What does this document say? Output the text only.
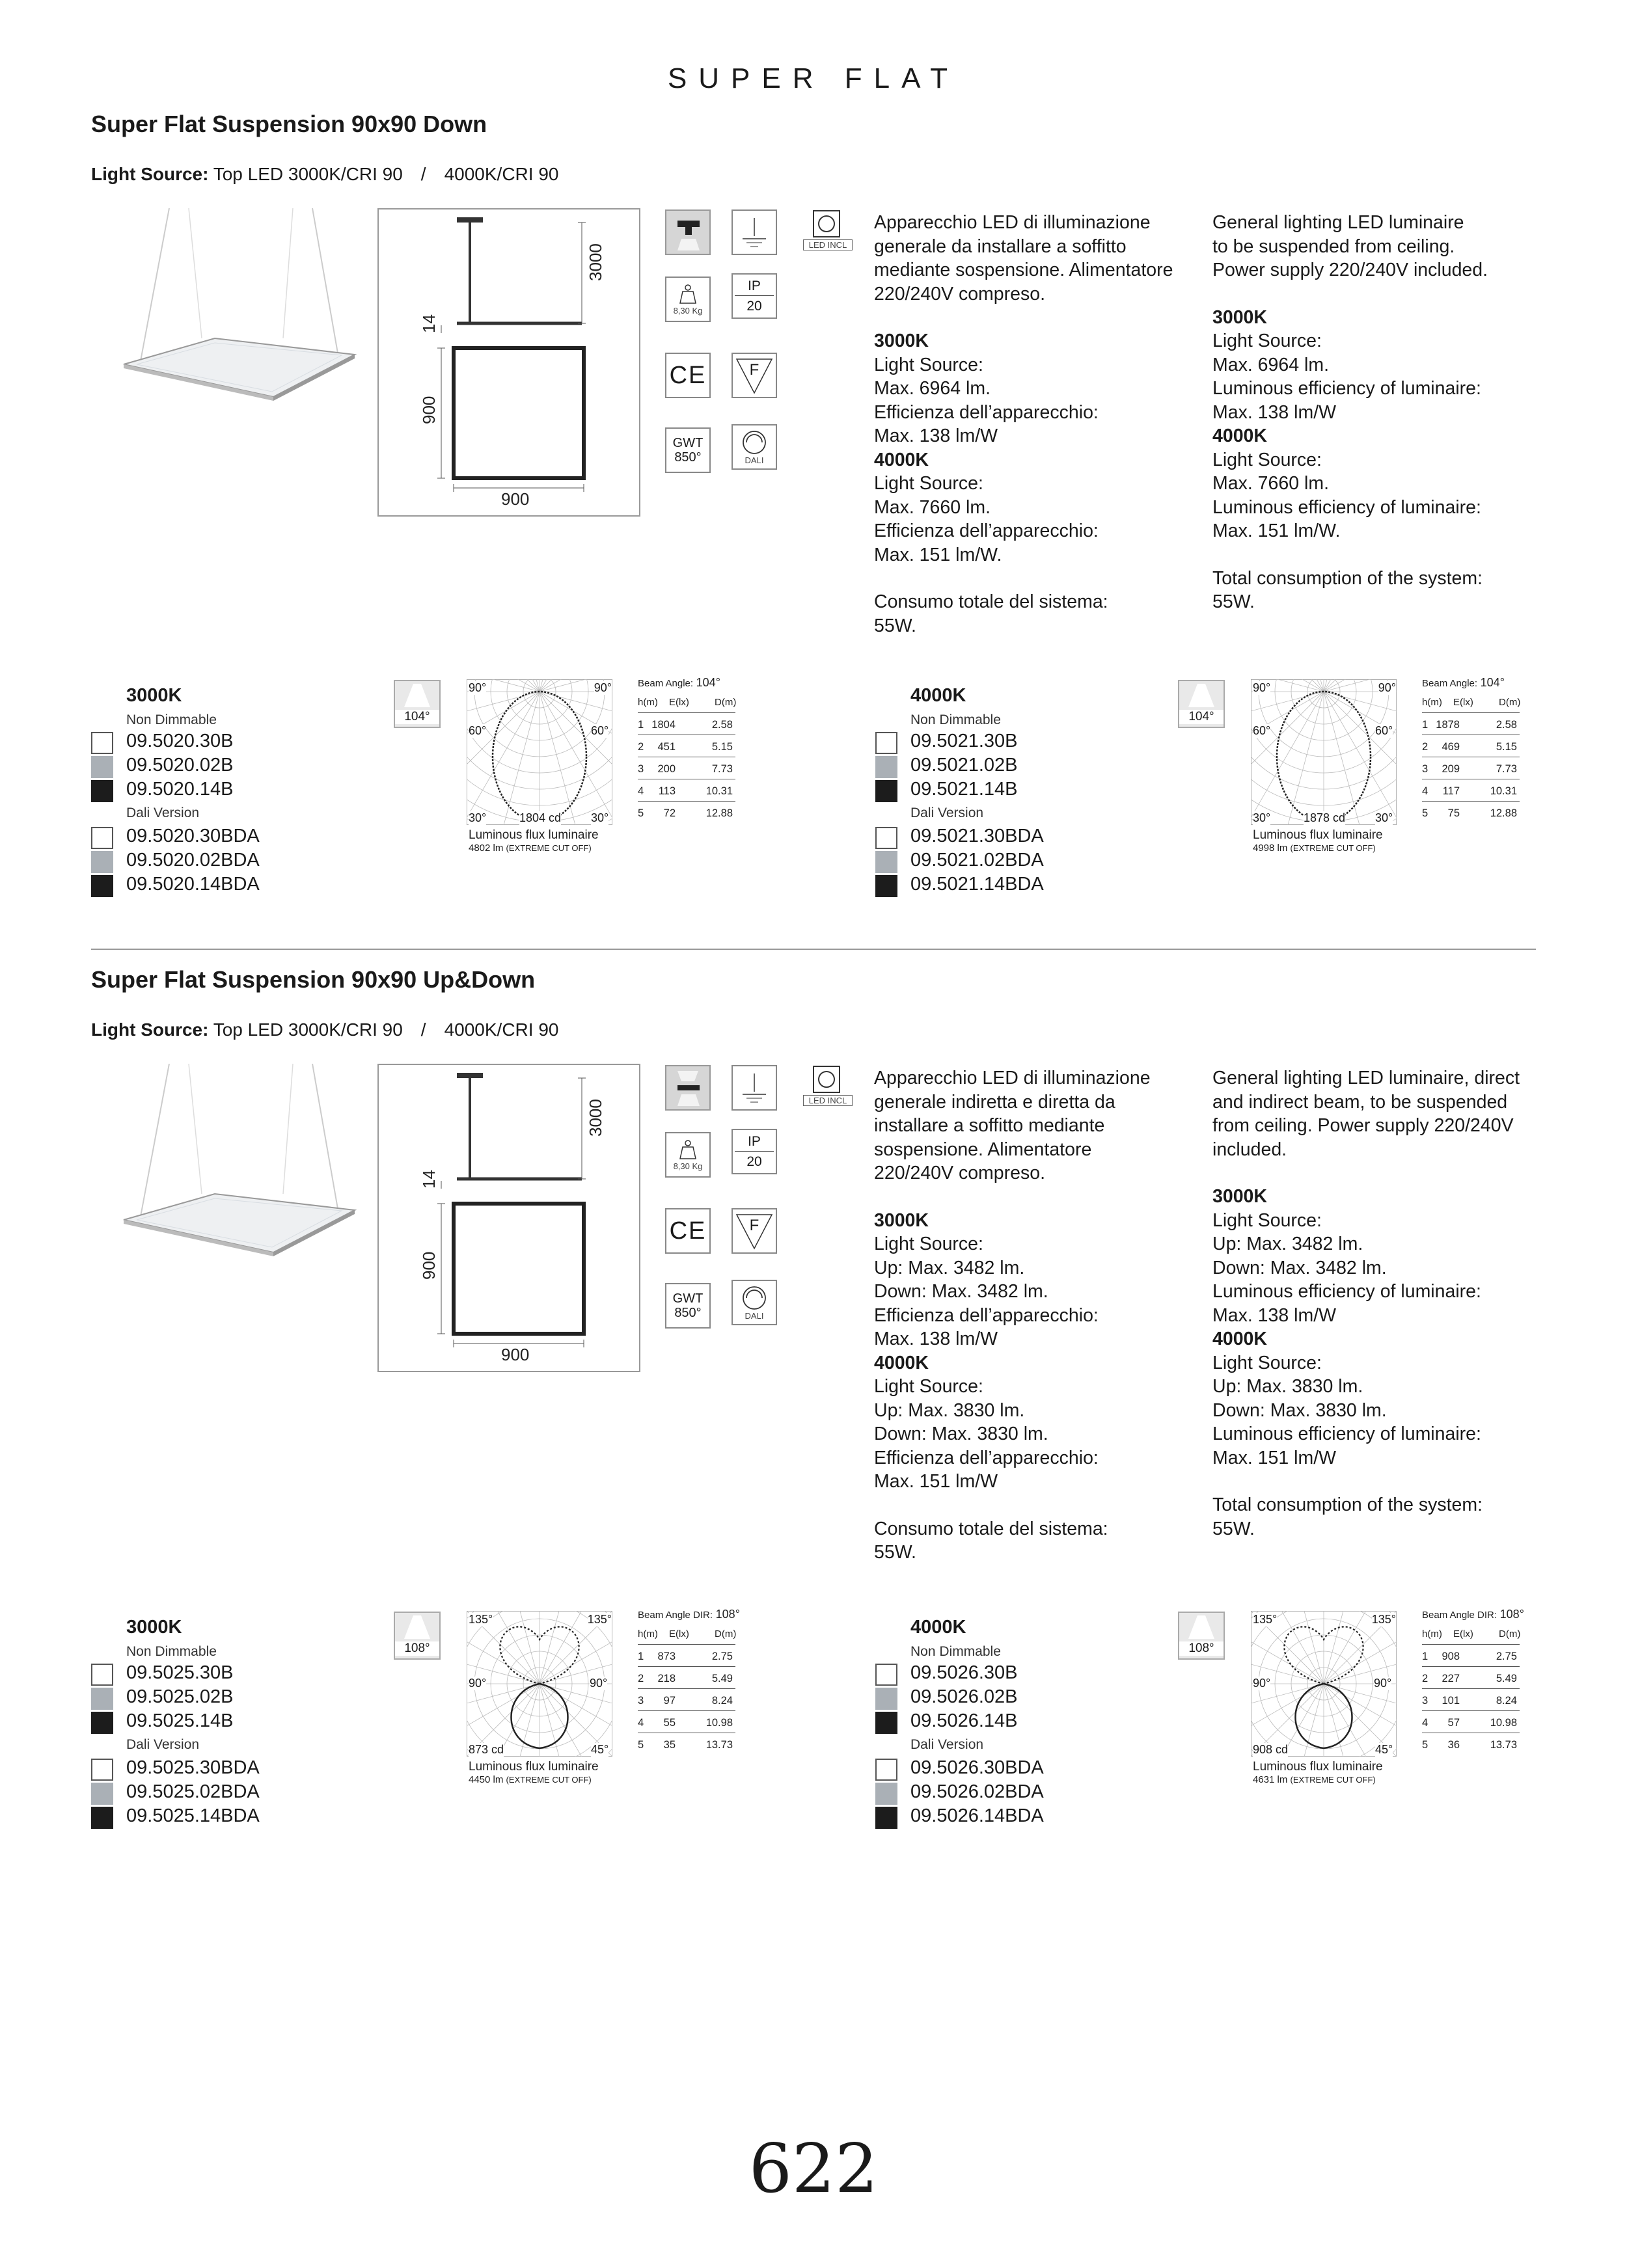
SUPER FLAT
Super Flat Suspension 90x90 Down
Light Source: Top LED 3000K/CRI 90 / 4000K/CRI 90
3000
14
900
900
LED INCL
8,30 Kg
IP
20
CE	F
GWT
850°	DALI

Apparecchio LED di illuminazione

generale da installare a soffitto

mediante sospensione. Alimentatore

220/240V compreso.

3000K

Light Source:

Max. 6964 lm.

Efficienza dell’apparecchio:

Max. 138 lm/W

4000K

Light Source:

Max. 7660 lm.

Efficienza dell’apparecchio:

Max. 151 lm/W.

Consumo totale del sistema:

55W.

General lighting LED luminaire

to be suspended from ceiling.

Power supply 220/240V included.

3000K

Light Source:

Max. 6964 lm.

Luminous efficiency of luminaire:

Max. 138 lm/W

4000K

Light Source:

Max. 7660 lm.

Luminous efficiency of luminaire:

Max. 151 lm/W.

Total consumption of the system:

55W.

3000K
Non Dimmable
09.5020.30B
09.5020.02B
09.5020.14B
Dali Version
09.5020.30BDA
09.5020.02BDA
09.5020.14BDA
104°
90°	90°
60°	60°
30°	1804 cd	30°
Luminous flux luminaire
4802 lm (EXTREME CUT OFF)
Beam Angle: 104°
h(m) E(lx)	D(m)
1 1804	2.58
2 451	5.15
3 200	7.73
4 113	10.31
5 72	12.88
4000K
Non Dimmable
09.5021.30B
09.5021.02B
09.5021.14B
Dali Version
09.5021.30BDA
09.5021.02BDA
09.5021.14BDA
104°
90°	90°
60°	60°
30°	1878 cd	30°
Luminous flux luminaire
4998 lm (EXTREME CUT OFF)
Beam Angle: 104°
h(m) E(lx)	D(m)
1 1878	2.58
2 469	5.15
3 209	7.73
4 117	10.31
5 75	12.88
Super Flat Suspension 90x90 Up&Down
Light Source: Top LED 3000K/CRI 90 / 4000K/CRI 90
3000
14
900
900
LED INCL
8,30 Kg
IP
20
CE	F
GWT
850°	DALI

Apparecchio LED di illuminazione

generale indiretta e diretta da

installare a soffitto mediante

sospensione. Alimentatore

220/240V compreso.

3000K

Light Source:

Up: Max. 3482 lm.

Down: Max. 3482 lm.

Efficienza dell’apparecchio:

Max. 138 lm/W

4000K

Light Source:

Up: Max. 3830 lm.

Down: Max. 3830 lm.

Efficienza dell’apparecchio:

Max. 151 lm/W

Consumo totale del sistema:

55W.

General lighting LED luminaire, direct

and indirect beam, to be suspended

from ceiling. Power supply 220/240V

included.

3000K

Light Source:

Up: Max. 3482 lm.

Down: Max. 3482 lm.

Luminous efficiency of luminaire:

Max. 138 lm/W

4000K

Light Source:

Up: Max. 3830 lm.

Down: Max. 3830 lm.

Luminous efficiency of luminaire:

Max. 151 lm/W

Total consumption of the system:

55W.

3000K
Non Dimmable
09.5025.30B
09.5025.02B
09.5025.14B
Dali Version
09.5025.30BDA
09.5025.02BDA
09.5025.14BDA
108°
135°	135°
90°	90°
873 cd	45°
Luminous flux luminaire
4450 lm (EXTREME CUT OFF)
Beam Angle DIR: 108°
h(m) E(lx)	D(m)
1 873	2.75
2 218	5.49
3 97	8.24
4 55	10.98
5 35	13.73
4000K
Non Dimmable
09.5026.30B
09.5026.02B
09.5026.14B
Dali Version
09.5026.30BDA
09.5026.02BDA
09.5026.14BDA
108°
135°	135°
90°	90°
908 cd	45°
Luminous flux luminaire
4631 lm (EXTREME CUT OFF)
Beam Angle DIR: 108°
h(m) E(lx)	D(m)
1 908	2.75
2 227	5.49
3 101	8.24
4 57	10.98
5 36	13.73
622
